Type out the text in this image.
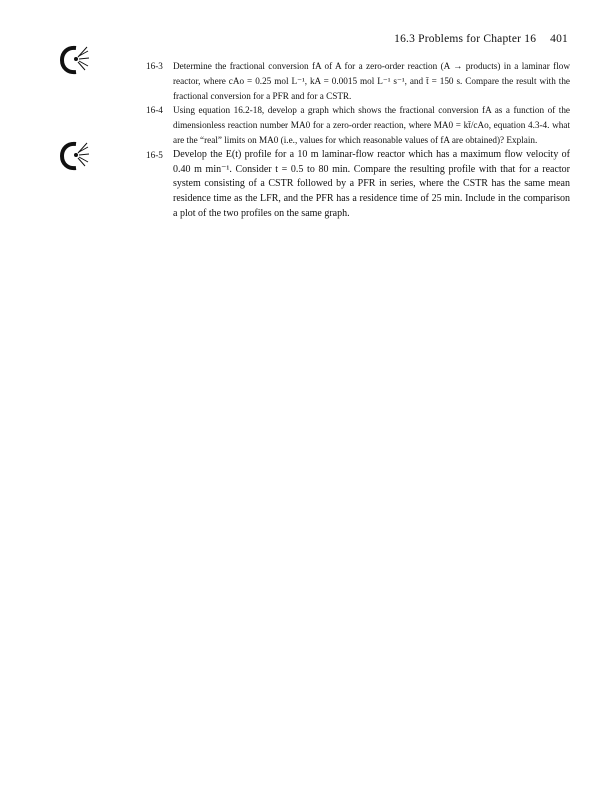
16.3 Problems for Chapter 16 401
16-3 Determine the fractional conversion fA of A for a zero-order reaction (A → products) in a laminar flow reactor, where cAo = 0.25 mol L⁻¹, kA = 0.0015 mol L⁻¹ s⁻¹, and t̄ = 150 s. Compare the result with the fractional conversion for a PFR and for a CSTR.
16-4 Using equation 16.2-18, develop a graph which shows the fractional conversion fA as a function of the dimensionless reaction number MA0 for a zero-order reaction, where MA0 = kt̄/cAo, equation 4.3-4. what are the “real” limits on MA0 (i.e., values for which reasonable values of fA are obtained)? Explain.
16-5 Develop the E(t) profile for a 10 m laminar-flow reactor which has a maximum flow velocity of 0.40 m min⁻¹. Consider t = 0.5 to 80 min. Compare the resulting profile with that for a reactor system consisting of a CSTR followed by a PFR in series, where the CSTR has the same mean residence time as the LFR, and the PFR has a residence time of 25 min. Include in the comparison a plot of the two profiles on the same graph.
